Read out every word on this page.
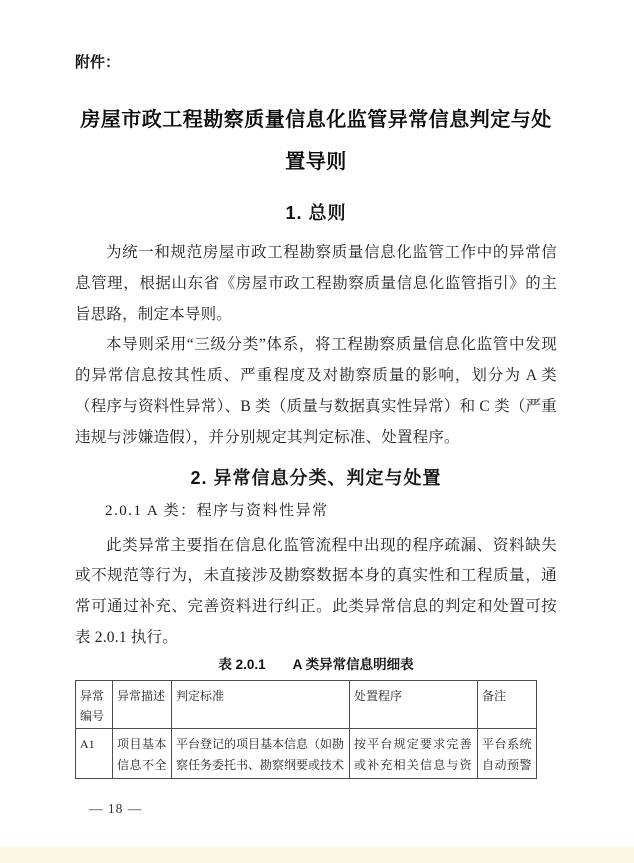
附件：
房屋市政工程勘察质量信息化监管异常信息判定与处置导则
1. 总则

为统一和规范房屋市政工程勘察质量信息化监管工作中的异常信息管理，根据山东省《房屋市政工程勘察质量信息化监管指引》的主旨思路，制定本导则。

本导则采用“三级分类”体系，将工程勘察质量信息化监管中发现的异常信息按其性质、严重程度及对勘察质量的影响，划分为 A 类（程序与资料性异常）、B 类（质量与数据真实性异常）和 C 类（严重违规与涉嫌造假），并分别规定其判定标准、处置程序。

2. 异常信息分类、判定与处置
2.0.1 A 类：程序与资料性异常

此类异常主要指在信息化监管流程中出现的程序疏漏、资料缺失或不规范等行为，未直接涉及勘察数据本身的真实性和工程质量，通常可通过补充、完善资料进行纠正。此类异常信息的判定和处置可按表 2.0.1 执行。

表 2.0.1　　A 类异常信息明细表
异常编号	异常描述	判定标准	处置程序	备注
A1	项目基本信息不全	平台登记的项目基本信息（如勘察任务委托书、勘察纲要或技术	按平台规定要求完善或补充相关信息与资	平台系统自动预警
— 18 —
